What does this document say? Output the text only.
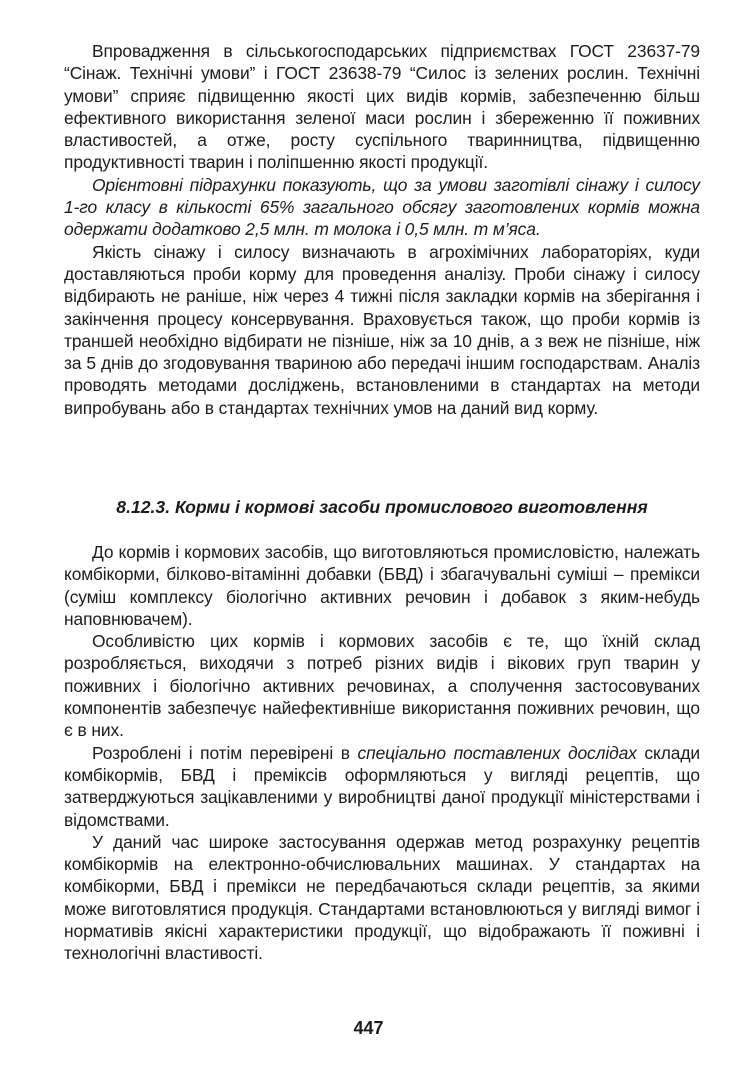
Впровадження в сільськогосподарських підприємствах ГОСТ 23637-79 “Сінаж. Технічні умови” і ГОСТ 23638-79 “Силос із зелених рослин. Технічні умови” сприяє підвищенню якості цих видів кормів, забезпеченню більш ефективного використання зеленої маси рослин і збереженню її поживних властивостей, а отже, росту суспільного тваринництва, підвищенню продуктивності тварин і поліпшенню якості продукції.

Орієнтовні підрахунки показують, що за умови заготівлі сінажу і силосу 1-го класу в кількості 65% загального обсягу заготовлених кормів можна одержати додатково 2,5 млн. т молока і 0,5 млн. т м’яса.

Якість сінажу і силосу визначають в агрохімічних лабораторіях, куди доставляються проби корму для проведення аналізу. Проби сінажу і силосу відбирають не раніше, ніж через 4 тижні після закладки кормів на зберігання і закінчення процесу консервування. Враховується також, що проби кормів із траншей необхідно відбирати не пізніше, ніж за 10 днів, а з веж не пізніше, ніж за 5 днів до згодовування твариною або передачі іншим господарствам. Аналіз проводять методами досліджень, встановленими в стандартах на методи випробувань або в стандартах технічних умов на даний вид корму.

8.12.3. Корми і кормові засоби промислового виготовлення

До кормів і кормових засобів, що виготовляються промисловістю, належать комбікорми, білково-вітамінні добавки (БВД) і збагачувальні суміші – премікси (суміш комплексу біологічно активних речовин і добавок з яким-небудь наповнювачем).

Особливістю цих кормів і кормових засобів є те, що їхній склад розробляється, виходячи з потреб різних видів і вікових груп тварин у поживних і біологічно активних речовинах, а сполучення застосовуваних компонентів забезпечує найефективніше використання поживних речовин, що є в них.

Розроблені і потім перевірені в спеціально поставлених дослідах склади комбікормів, БВД і преміксів оформляються у вигляді рецептів, що затверджуються зацікавленими у виробництві даної продукції міністерствами і відомствами.

У даний час широке застосування одержав метод розрахунку рецептів комбікормів на електронно-обчислювальних машинах. У стандартах на комбікорми, БВД і премікси не передбачаються склади рецептів, за якими може виготовлятися продукція. Стандартами встановлюються у вигляді вимог і нормативів якісні характеристики продукції, що відображають її поживні і технологічні властивості.

447
